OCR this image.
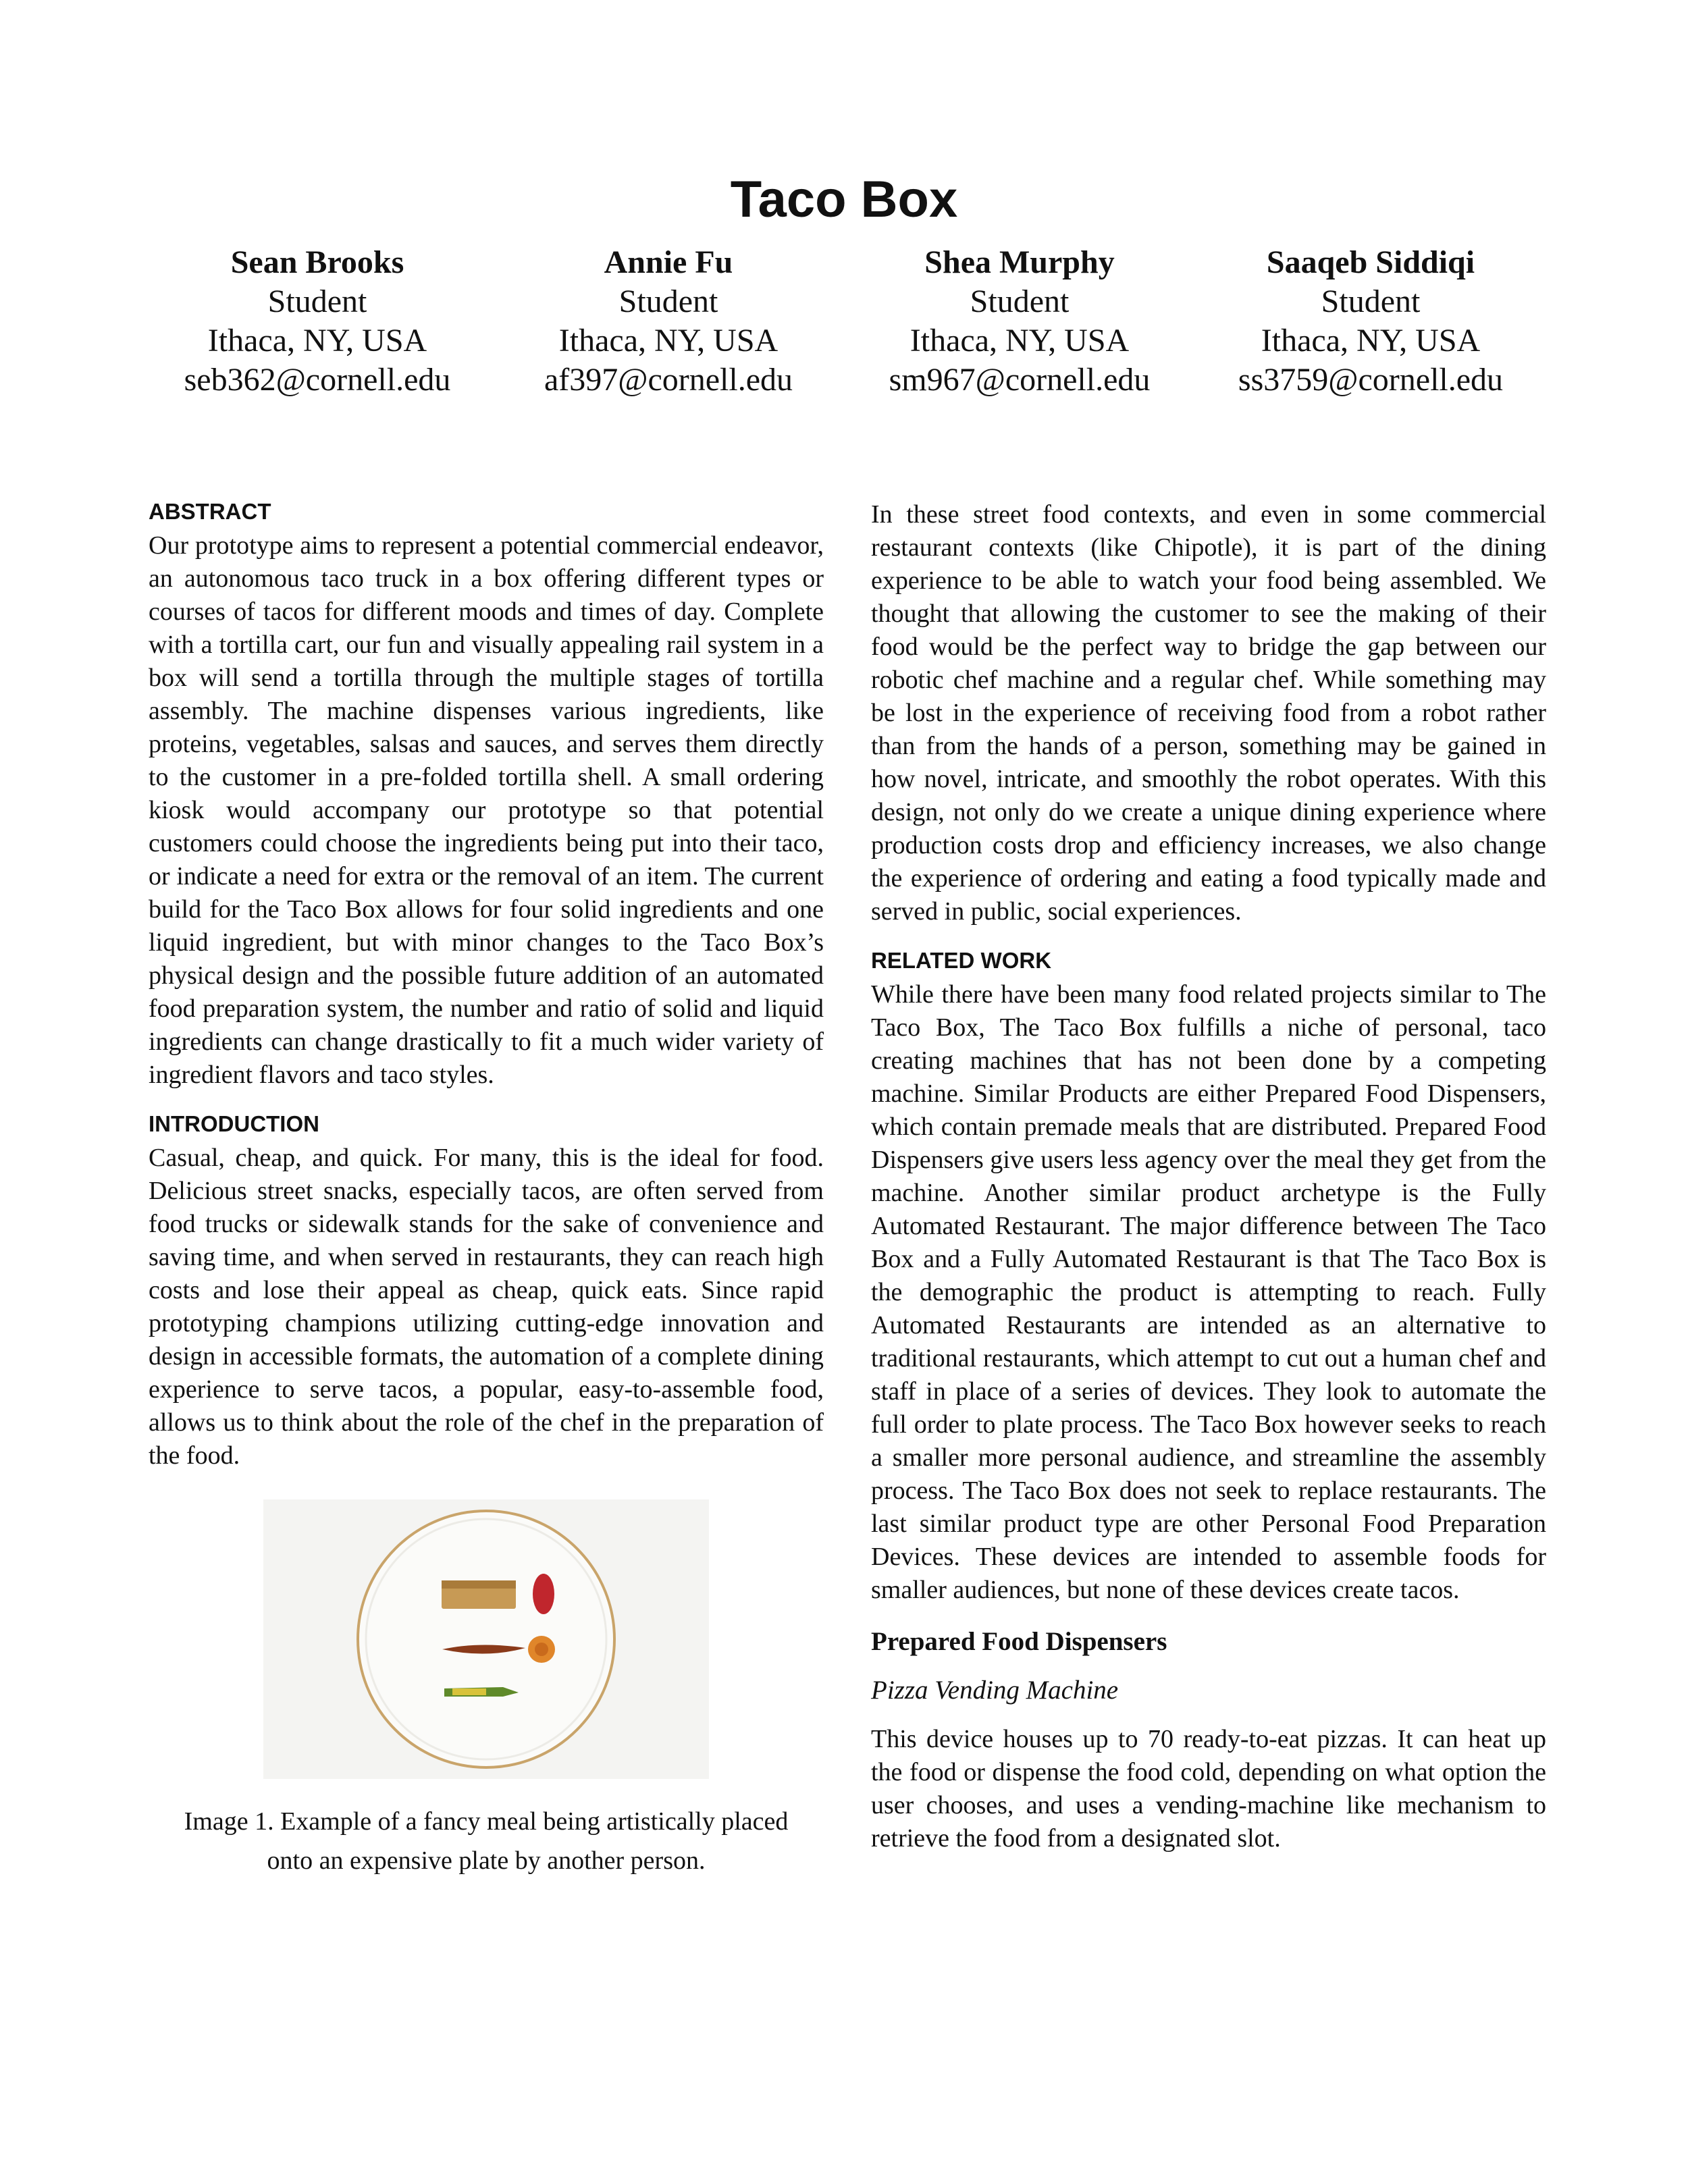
Taco Box
Sean Brooks
Student
Ithaca, NY, USA
seb362@cornell.edu
Annie Fu
Student
Ithaca, NY, USA
af397@cornell.edu
Shea Murphy
Student
Ithaca, NY, USA
sm967@cornell.edu
Saaqeb Siddiqi
Student
Ithaca, NY, USA
ss3759@cornell.edu
ABSTRACT

Our prototype aims to represent a potential commercial endeavor, an autonomous taco truck in a box offering different types or courses of tacos for different moods and times of day. Complete with a tortilla cart, our fun and visually appealing rail system in a box will send a tortilla through the multiple stages of tortilla assembly. The machine dispenses various ingredients, like proteins, vegetables, salsas and sauces, and serves them directly to the customer in a pre-folded tortilla shell. A small ordering kiosk would accompany our prototype so that potential customers could choose the ingredients being put into their taco, or indicate a need for extra or the removal of an item. The current build for the Taco Box allows for four solid ingredients and one liquid ingredient, but with minor changes to the Taco Box’s physical design and the possible future addition of an automated food preparation system, the number and ratio of solid and liquid ingredients can change drastically to fit a much wider variety of ingredient flavors and taco styles.

INTRODUCTION

Casual, cheap, and quick. For many, this is the ideal for food. Delicious street snacks, especially tacos, are often served from food trucks or sidewalk stands for the sake of convenience and saving time, and when served in restaurants, they can reach high costs and lose their appeal as cheap, quick eats. Since rapid prototyping champions utilizing cutting-edge innovation and design in accessible formats, the automation of a complete dining experience to serve tacos, a popular, easy-to-assemble food, allows us to think about the role of the chef in the preparation of the food.

Image 1. Example of a fancy meal being artistically placed
onto an expensive plate by another person.

In these street food contexts, and even in some commercial restaurant contexts (like Chipotle), it is part of the dining experience to be able to watch your food being assembled. We thought that allowing the customer to see the making of their food would be the perfect way to bridge the gap between our robotic chef machine and a regular chef. While something may be lost in the experience of receiving food from a robot rather than from the hands of a person, something may be gained in how novel, intricate, and smoothly the robot operates. With this design, not only do we create a unique dining experience where production costs drop and efficiency increases, we also change the experience of ordering and eating a food typically made and served in public, social experiences.

RELATED WORK

While there have been many food related projects similar to The Taco Box, The Taco Box fulfills a niche of personal, taco creating machines that has not been done by a competing machine. Similar Products are either Prepared Food Dispensers, which contain premade meals that are distributed. Prepared Food Dispensers give users less agency over the meal they get from the machine. Another similar product archetype is the Fully Automated Restaurant. The major difference between The Taco Box and a Fully Automated Restaurant is that The Taco Box is the demographic the product is attempting to reach. Fully Automated Restaurants are intended as an alternative to traditional restaurants, which attempt to cut out a human chef and staff in place of a series of devices. They look to automate the full order to plate process. The Taco Box however seeks to reach a smaller more personal audience, and streamline the assembly process. The Taco Box does not seek to replace restaurants. The last similar product type are other Personal Food Preparation Devices. These devices are intended to assemble foods for smaller audiences, but none of these devices create tacos.

Prepared Food Dispensers
Pizza Vending Machine

This device houses up to 70 ready-to-eat pizzas. It can heat up the food or dispense the food cold, depending on what option the user chooses, and uses a vending-machine like mechanism to retrieve the food from a designated slot.
